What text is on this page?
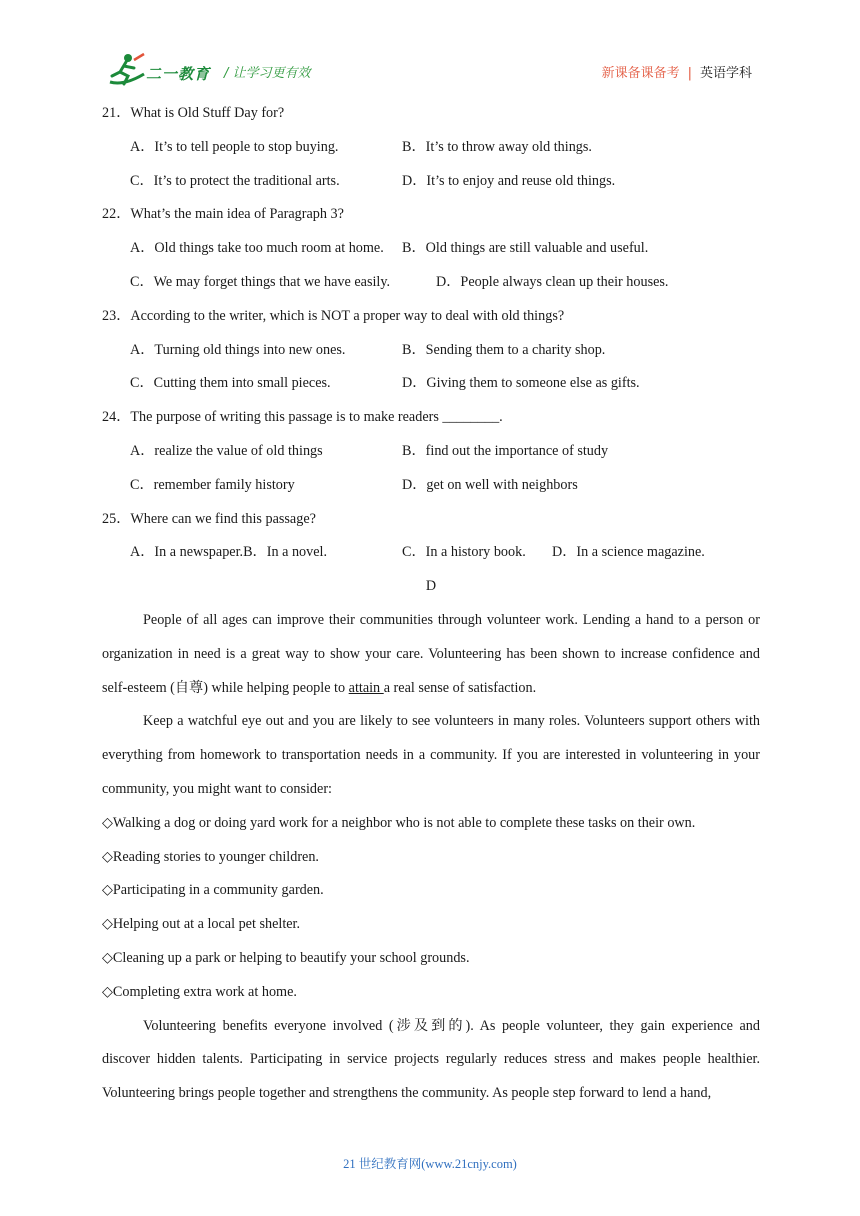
二一教育 / 让学习更有效	新课备课备考 | 英语学科
21．What is Old Stuff Day for?
A．It’s to tell people to stop buying.	B．It’s to throw away old things.
C．It’s to protect the traditional arts.	D．It’s to enjoy and reuse old things.
22．What’s the main idea of Paragraph 3?
A．Old things take too much room at home. B．Old things are still valuable and useful.
C．We may forget things that we have easily.	D．People always clean up their houses.
23．According to the writer, which is NOT a proper way to deal with old things?
A．Turning old things into new ones.	B．Sending them to a charity shop.
C．Cutting them into small pieces.	D．Giving them to someone else as gifts.
24．The purpose of writing this passage is to make readers ________.
A．realize the value of old things	B．find out the importance of study
C．remember family history	D．get on well with neighbors
25．Where can we find this passage?
A．In a newspaper.B．In a novel.	C．In a history book. D．In a science magazine.
D
People of all ages can improve their communities through volunteer work. Lending a hand to a person or organization in need is a great way to show your care. Volunteering has been shown to increase confidence and self-esteem (自尊) while helping people to attain a real sense of satisfaction.
Keep a watchful eye out and you are likely to see volunteers in many roles. Volunteers support others with everything from homework to transportation needs in a community. If you are interested in volunteering in your community, you might want to consider:
◇Walking a dog or doing yard work for a neighbor who is not able to complete these tasks on their own.
◇Reading stories to younger children.
◇Participating in a community garden.
◇Helping out at a local pet shelter.
◇Cleaning up a park or helping to beautify your school grounds.
◇Completing extra work at home.
Volunteering benefits everyone involved (涉及到的). As people volunteer, they gain experience and discover hidden talents. Participating in service projects regularly reduces stress and makes people healthier. Volunteering brings people together and strengthens the community. As people step forward to lend a hand,
21 世纪教育网(www.21cnjy.com)
